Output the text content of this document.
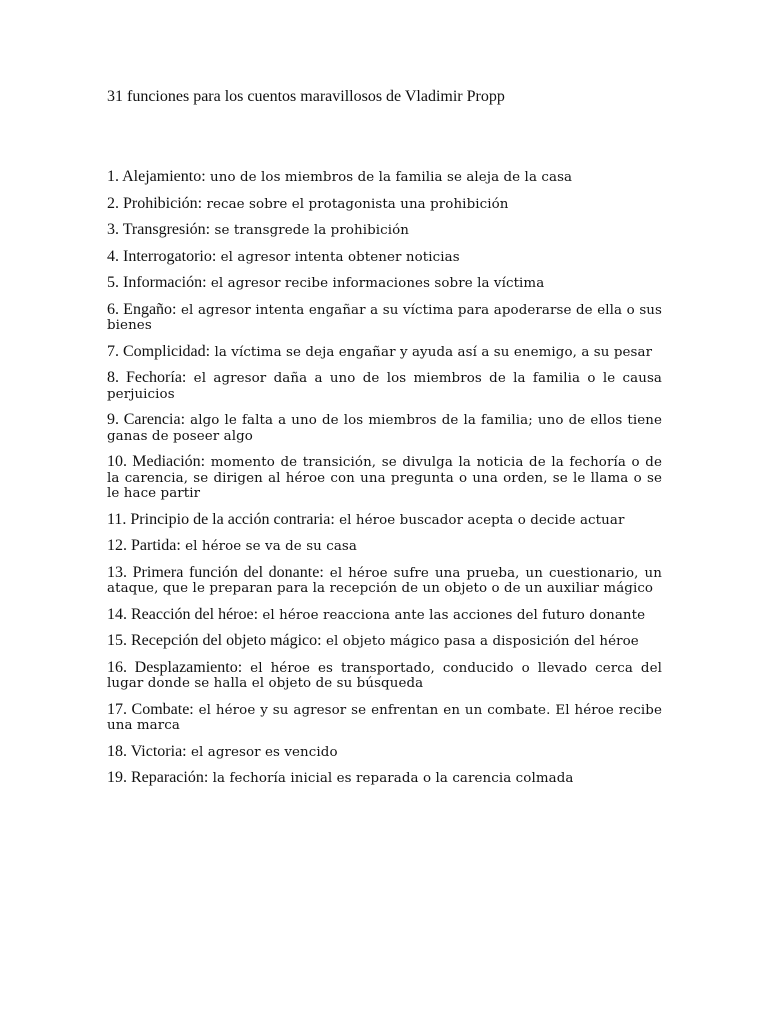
31 funciones para los cuentos maravillosos de Vladimir Propp
1. Alejamiento: uno de los miembros de la familia se aleja de la casa
2. Prohibición: recae sobre el protagonista una prohibición
3. Transgresión: se transgrede la prohibición
4. Interrogatorio: el agresor intenta obtener noticias
5. Información: el agresor recibe informaciones sobre la víctima
6. Engaño: el agresor intenta engañar a su víctima para apoderarse de ella o sus bienes
7. Complicidad: la víctima se deja engañar y ayuda así a su enemigo, a su pesar
8. Fechoría: el agresor daña a uno de los miembros de la familia o le causa perjuicios
9. Carencia: algo le falta a uno de los miembros de la familia; uno de ellos tiene ganas de poseer algo
10. Mediación: momento de transición, se divulga la noticia de la fechoría o de la carencia, se dirigen al héroe con una pregunta o una orden, se le llama o se le hace partir
11. Principio de la acción contraria: el héroe buscador acepta o decide actuar
12. Partida: el héroe se va de su casa
13. Primera función del donante: el héroe sufre una prueba, un cuestionario, un ataque, que le preparan para la recepción de un objeto o de un auxiliar mágico
14. Reacción del héroe: el héroe reacciona ante las acciones del futuro donante
15. Recepción del objeto mágico: el objeto mágico pasa a disposición del héroe
16. Desplazamiento: el héroe es transportado, conducido o llevado cerca del lugar donde se halla el objeto de su búsqueda
17. Combate: el héroe y su agresor se enfrentan en un combate. El héroe recibe una marca
18. Victoria: el agresor es vencido
19. Reparación: la fechoría inicial es reparada o la carencia colmada
